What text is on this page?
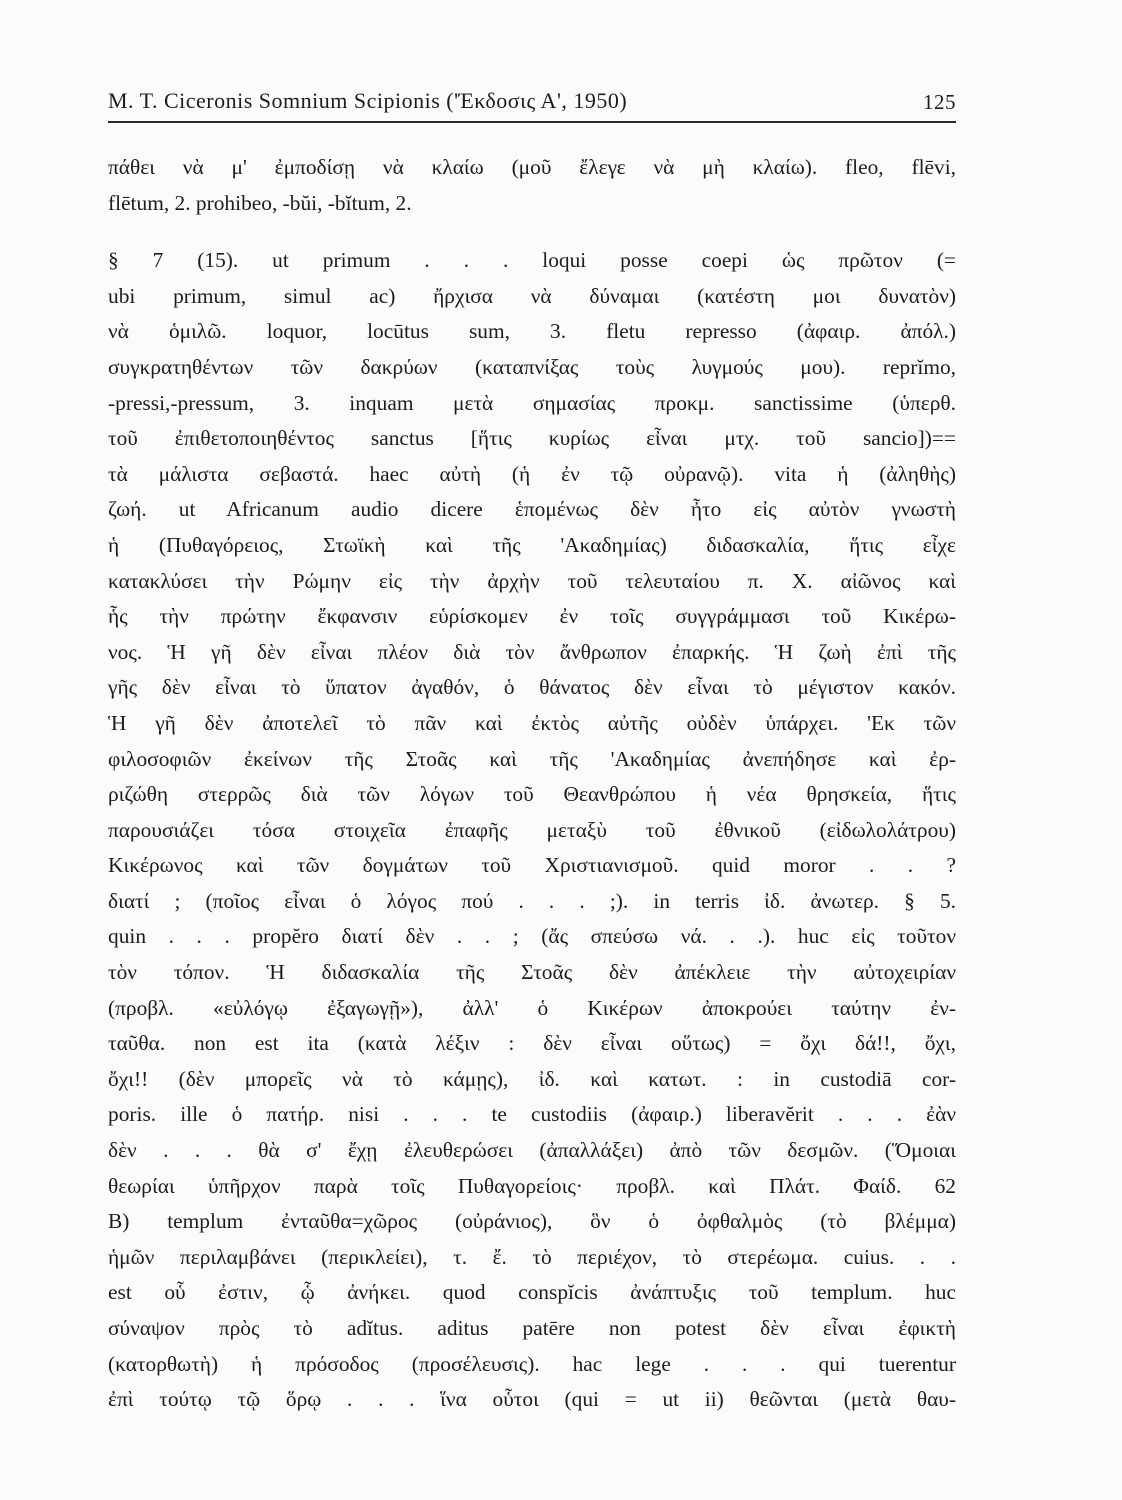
M. T. Ciceronis Somnium Scipionis ('Έκδοσις Α', 1950)	125
πάθει νὰ μ' ἐμποδίσῃ νὰ κλαίω (μοῦ ἔλεγε νὰ μὴ κλαίω). fleo, flēvi,
flētum, 2. prohibeo, -bŭi, -bĭtum, 2.
§ 7 (15). ut primum . . . loqui posse coepi ὡς πρῶτον (=
ubi primum, simul ac) ἤρχισα νὰ δύναμαι (κατέστη μοι δυνατὸν)
νὰ ὁμιλῶ. loquor, locūtus sum, 3. fletu represso (ἀφαιρ. ἀπόλ.)
συγκρατηθέντων τῶν δακρύων (καταπνίξας τοὺς λυγμούς μου). reprĭmo,
-pressi,-pressum, 3. inquam μετὰ σημασίας προκμ. sanctissime (ὑπερθ.
τοῦ ἐπιθετοποιηθέντος sanctus [ἥτις κυρίως εἶναι μτχ. τοῦ sancio])==
τὰ μάλιστα σεβαστά. haec αὐτὴ (ἡ ἐν τῷ οὐρανῷ). vita ἡ (ἀληθὴς)
ζωή. ut Africanum audio dicere ἑπομένως δὲν ἦτο εἰς αὐτὸν γνωστὴ
ἡ (Πυθαγόρειος, Στωϊκὴ καὶ τῆς 'Ακαδημίας) διδασκαλία, ἥτις εἶχε
κατακλύσει τὴν Ρώμην εἰς τὴν ἀρχὴν τοῦ τελευταίου π. Χ. αἰῶνος καὶ
ἧς τὴν πρώτην ἔκφανσιν εὑρίσκομεν ἐν τοῖς συγγράμμασι τοῦ Κικέρω-
νος. Ἡ γῆ δὲν εἶναι πλέον διὰ τὸν ἄνθρωπον ἐπαρκής. Ἡ ζωὴ ἐπὶ τῆς
γῆς δὲν εἶναι τὸ ὕπατον ἀγαθόν, ὁ θάνατος δὲν εἶναι τὸ μέγιστον κακόν.
Ἡ γῆ δὲν ἀποτελεῖ τὸ πᾶν καὶ ἐκτὸς αὐτῆς οὐδὲν ὑπάρχει. 'Εκ τῶν
φιλοσοφιῶν ἐκείνων τῆς Στοᾶς καὶ τῆς 'Ακαδημίας ἀνεπήδησε καὶ ἐρ-
ριζώθη στερρῶς διὰ τῶν λόγων τοῦ Θεανθρώπου ἡ νέα θρησκεία, ἥτις
παρουσιάζει τόσα στοιχεῖα ἐπαφῆς μεταξὺ τοῦ ἐθνικοῦ (εἰδωλολάτρου)
Κικέρωνος καὶ τῶν δογμάτων τοῦ Χριστιανισμοῦ. quid moror . . ?
διατί ; (ποῖος εἶναι ὁ λόγος πού . . . ;). in terris ἰδ. ἀνωτερ. § 5.
quin . . . propĕro διατί δὲν . . ; (ἄς σπεύσω νά. . .). huc εἰς τοῦτον
τὸν τόπον. Ἡ διδασκαλία τῆς Στοᾶς δὲν ἀπέκλειε τὴν αὐτοχειρίαν
(προβλ. «εὐλόγῳ ἐξαγωγῇ»), ἀλλ' ὁ Κικέρων ἀποκρούει ταύτην ἐν-
ταῦθα. non est ita (κατὰ λέξιν : δὲν εἶναι οὕτως) = ὄχι δά!!, ὄχι,
ὄχι!! (δὲν μπορεῖς νὰ τὸ κάμῃς), ἰδ. καὶ κατωτ. : in custodiā cor-
poris. ille ὁ πατήρ. nisi . . . te custodiis (ἀφαιρ.) liberavĕrit . . . ἐὰν
δὲν . . . θὰ σ' ἔχῃ ἐλευθερώσει (ἀπαλλάξει) ἀπὸ τῶν δεσμῶν. (Ὅμοιαι
θεωρίαι ὑπῆρχον παρὰ τοῖς Πυθαγορείοις· προβλ. καὶ Πλάτ. Φαίδ. 62
B) templum ἐνταῦθα=χῶρος (οὐράνιος), ὃν ὁ ὀφθαλμὸς (τὸ βλέμμα)
ἡμῶν περιλαμβάνει (περικλείει), τ. ἔ. τὸ περιέχον, τὸ στερέωμα. cuius. . .
est οὗ ἐστιν, ᾧ ἀνήκει. quod conspĭcis ἀνάπτυξις τοῦ templum. huc
σύναψον πρὸς τὸ adĭtus. aditus patēre non potest δὲν εἶναι ἐφικτὴ
(κατορθωτὴ) ἡ πρόσοδος (προσέλευσις). hac lege . . . qui tuerentur
ἐπὶ τούτῳ τῷ ὅρῳ . . . ἵνα οὗτοι (qui = ut ii) θεῶνται (μετὰ θαυ-
